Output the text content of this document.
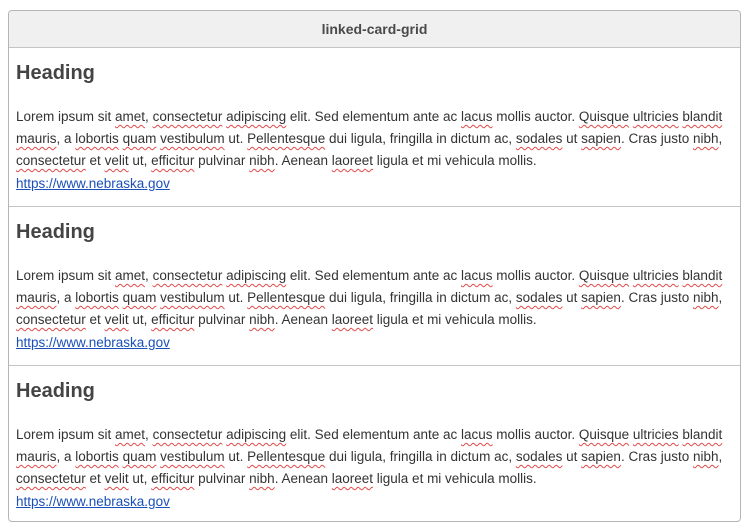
linked-card-grid
Heading

Lorem ipsum sit amet, consectetur adipiscing elit. Sed elementum ante ac lacus mollis auctor. Quisque ultricies blandit mauris, a lobortis quam vestibulum ut. Pellentesque dui ligula, fringilla in dictum ac, sodales ut sapien. Cras justo nibh, consectetur et velit ut, efficitur pulvinar nibh. Aenean laoreet ligula et mi vehicula mollis.

https://www.nebraska.gov
Heading

Lorem ipsum sit amet, consectetur adipiscing elit. Sed elementum ante ac lacus mollis auctor. Quisque ultricies blandit mauris, a lobortis quam vestibulum ut. Pellentesque dui ligula, fringilla in dictum ac, sodales ut sapien. Cras justo nibh, consectetur et velit ut, efficitur pulvinar nibh. Aenean laoreet ligula et mi vehicula mollis.

https://www.nebraska.gov
Heading

Lorem ipsum sit amet, consectetur adipiscing elit. Sed elementum ante ac lacus mollis auctor. Quisque ultricies blandit mauris, a lobortis quam vestibulum ut. Pellentesque dui ligula, fringilla in dictum ac, sodales ut sapien. Cras justo nibh, consectetur et velit ut, efficitur pulvinar nibh. Aenean laoreet ligula et mi vehicula mollis.

https://www.nebraska.gov
